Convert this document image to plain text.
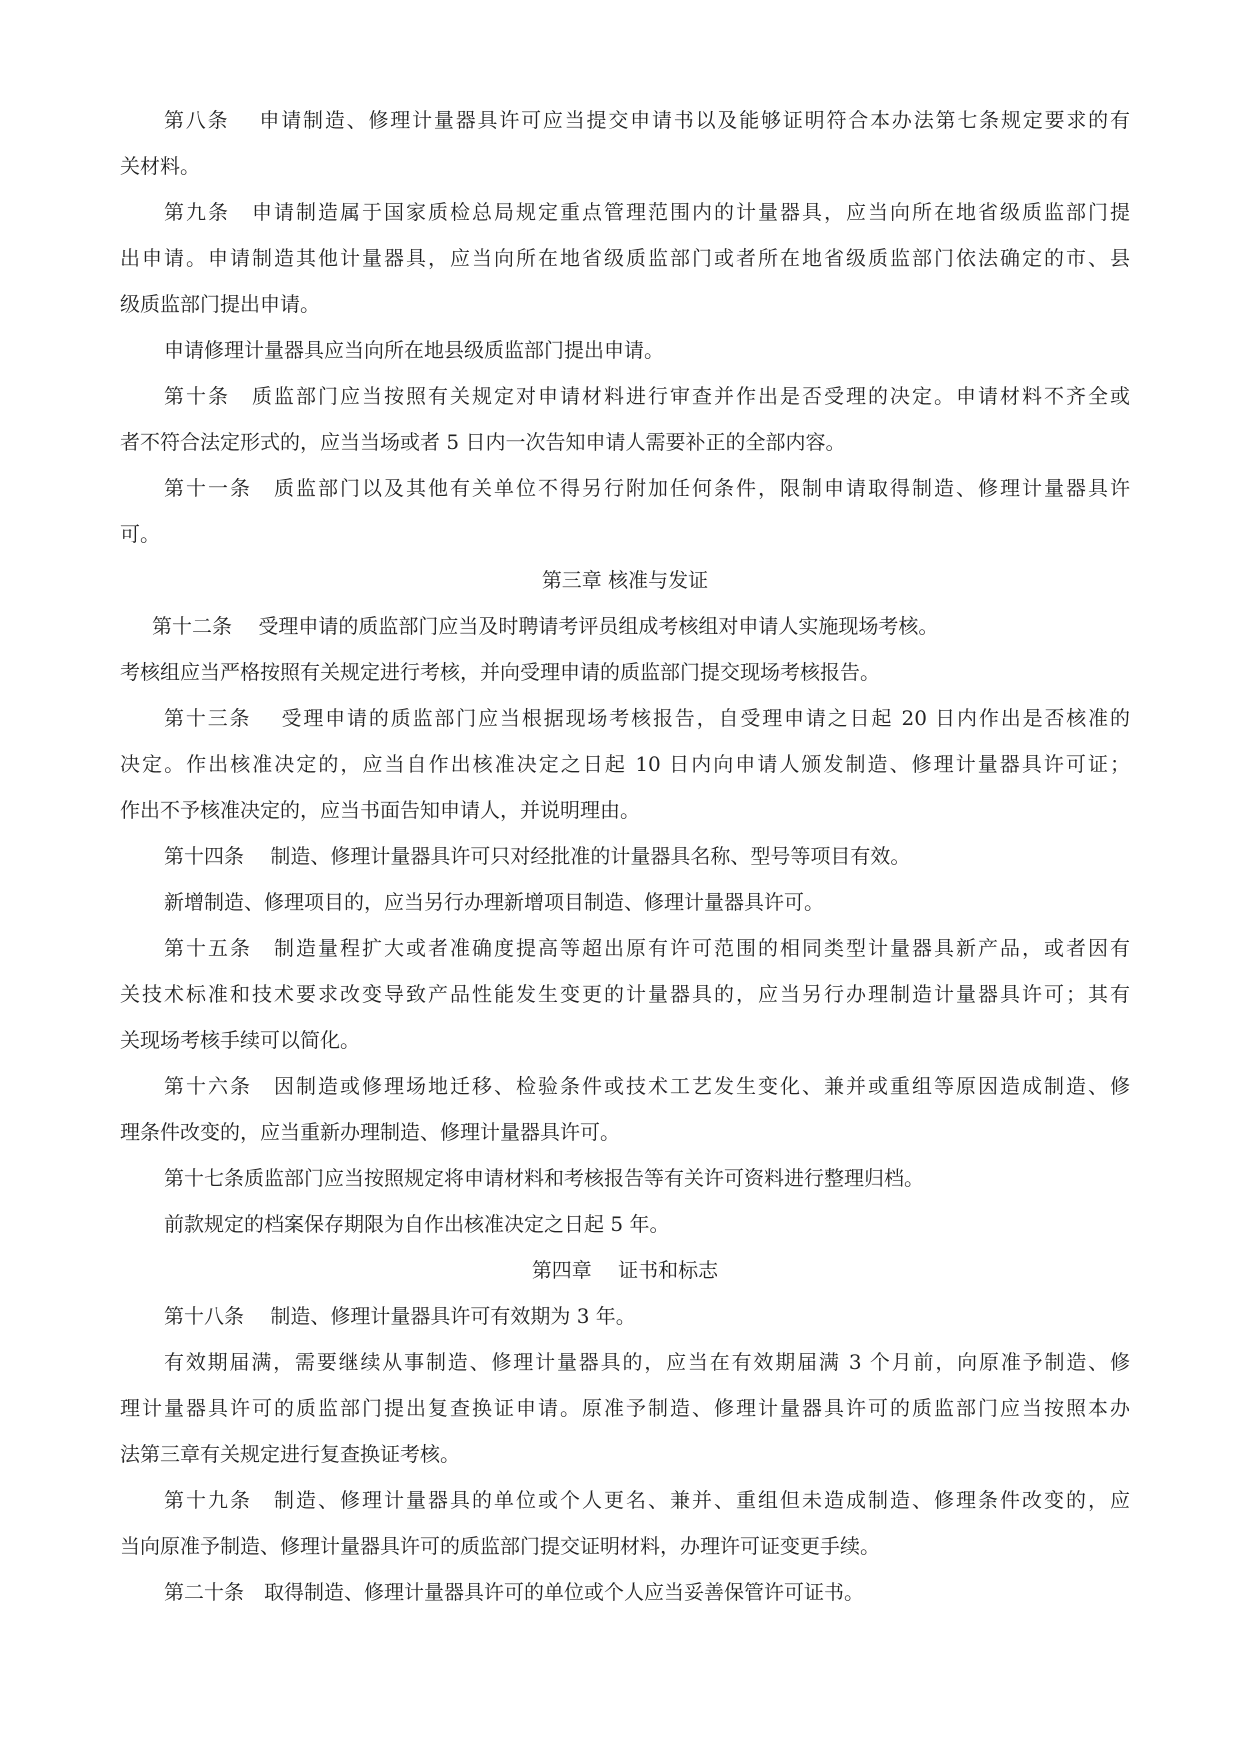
第八条　 申请制造、修理计量器具许可应当提交申请书以及能够证明符合本办法第七条规定要求的有
关材料。
第九条　申请制造属于国家质检总局规定重点管理范围内的计量器具，应当向所在地省级质监部门提
出申请。申请制造其他计量器具，应当向所在地省级质监部门或者所在地省级质监部门依法确定的市、县
级质监部门提出申请。
申请修理计量器具应当向所在地县级质监部门提出申请。
第十条　质监部门应当按照有关规定对申请材料进行审查并作出是否受理的决定。申请材料不齐全或
者不符合法定形式的，应当当场或者 5 日内一次告知申请人需要补正的全部内容。
第十一条　质监部门以及其他有关单位不得另行附加任何条件，限制申请取得制造、修理计量器具许
可。
第三章 核准与发证
第十二条　 受理申请的质监部门应当及时聘请考评员组成考核组对申请人实施现场考核。
考核组应当严格按照有关规定进行考核，并向受理申请的质监部门提交现场考核报告。
第十三条　 受理申请的质监部门应当根据现场考核报告，自受理申请之日起 20 日内作出是否核准的
决定。作出核准决定的，应当自作出核准决定之日起 10 日内向申请人颁发制造、修理计量器具许可证；
作出不予核准决定的，应当书面告知申请人，并说明理由。
第十四条　 制造、修理计量器具许可只对经批准的计量器具名称、型号等项目有效。
新增制造、修理项目的，应当另行办理新增项目制造、修理计量器具许可。
第十五条　制造量程扩大或者准确度提高等超出原有许可范围的相同类型计量器具新产品，或者因有
关技术标准和技术要求改变导致产品性能发生变更的计量器具的，应当另行办理制造计量器具许可；其有
关现场考核手续可以简化。
第十六条　因制造或修理场地迁移、检验条件或技术工艺发生变化、兼并或重组等原因造成制造、修
理条件改变的，应当重新办理制造、修理计量器具许可。
第十七条质监部门应当按照规定将申请材料和考核报告等有关许可资料进行整理归档。
前款规定的档案保存期限为自作出核准决定之日起 5 年。
第四章　 证书和标志
第十八条　 制造、修理计量器具许可有效期为 3 年。
有效期届满，需要继续从事制造、修理计量器具的，应当在有效期届满 3 个月前，向原准予制造、修
理计量器具许可的质监部门提出复查换证申请。原准予制造、修理计量器具许可的质监部门应当按照本办
法第三章有关规定进行复查换证考核。
第十九条　制造、修理计量器具的单位或个人更名、兼并、重组但未造成制造、修理条件改变的，应
当向原准予制造、修理计量器具许可的质监部门提交证明材料，办理许可证变更手续。
第二十条　取得制造、修理计量器具许可的单位或个人应当妥善保管许可证书。
